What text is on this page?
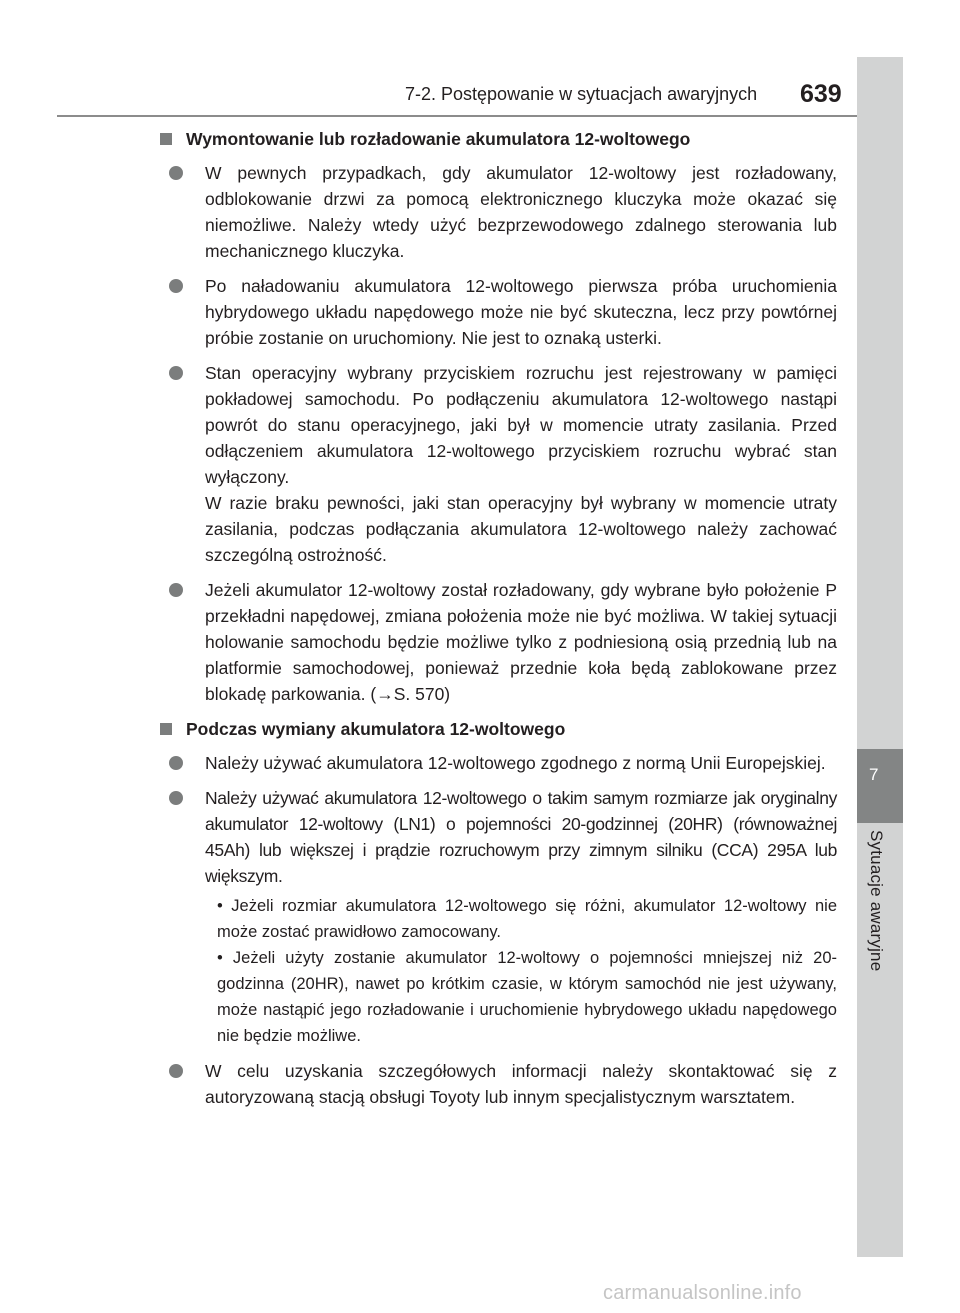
7-2. Postępowanie w sytuacjach awaryjnych 639
7
Sytuacje awaryjne
Wymontowanie lub rozładowanie akumulatora 12-woltowego
W pewnych przypadkach, gdy akumulator 12-woltowy jest rozładowany, odblokowanie drzwi za pomocą elektronicznego kluczyka może okazać się niemożliwe. Należy wtedy użyć bezprzewodowego zdalnego sterowania lub mechanicznego kluczyka.
Po naładowaniu akumulatora 12-woltowego pierwsza próba uruchomienia hybrydowego układu napędowego może nie być skuteczna, lecz przy powtórnej próbie zostanie on uruchomiony. Nie jest to oznaką usterki.
Stan operacyjny wybrany przyciskiem rozruchu jest rejestrowany w pamięci pokładowej samochodu. Po podłączeniu akumulatora 12-woltowego nastąpi powrót do stanu operacyjnego, jaki był w momencie utraty zasilania. Przed odłączeniem akumulatora 12-woltowego przyciskiem rozruchu wybrać stan wyłączony.
W razie braku pewności, jaki stan operacyjny był wybrany w momencie utraty zasilania, podczas podłączania akumulatora 12-woltowego należy zachować szczególną ostrożność.
Jeżeli akumulator 12-woltowy został rozładowany, gdy wybrane było położenie P przekładni napędowej, zmiana położenia może nie być możliwa. W takiej sytuacji holowanie samochodu będzie możliwe tylko z podniesioną osią przednią lub na platformie samochodowej, ponieważ przednie koła będą zablokowane przez blokadę parkowania. (→S. 570)
Podczas wymiany akumulatora 12-woltowego
Należy używać akumulatora 12-woltowego zgodnego z normą Unii Europejskiej.
Należy używać akumulatora 12-woltowego o takim samym rozmiarze jak oryginalny akumulator 12-woltowy (LN1) o pojemności 20-godzinnej (20HR) (równoważnej 45Ah) lub większej i prądzie rozruchowym przy zimnym silniku (CCA) 295A lub większym.
• Jeżeli rozmiar akumulatora 12-woltowego się różni, akumulator 12-woltowy nie może zostać prawidłowo zamocowany.
• Jeżeli użyty zostanie akumulator 12-woltowy o pojemności mniejszej niż 20-godzinna (20HR), nawet po krótkim czasie, w którym samochód nie jest używany, może nastąpić jego rozładowanie i uruchomienie hybrydowego układu napędowego nie będzie możliwe.
W celu uzyskania szczegółowych informacji należy skontaktować się z autoryzowaną stacją obsługi Toyoty lub innym specjalistycznym warsztatem.
carmanualsonline.info
